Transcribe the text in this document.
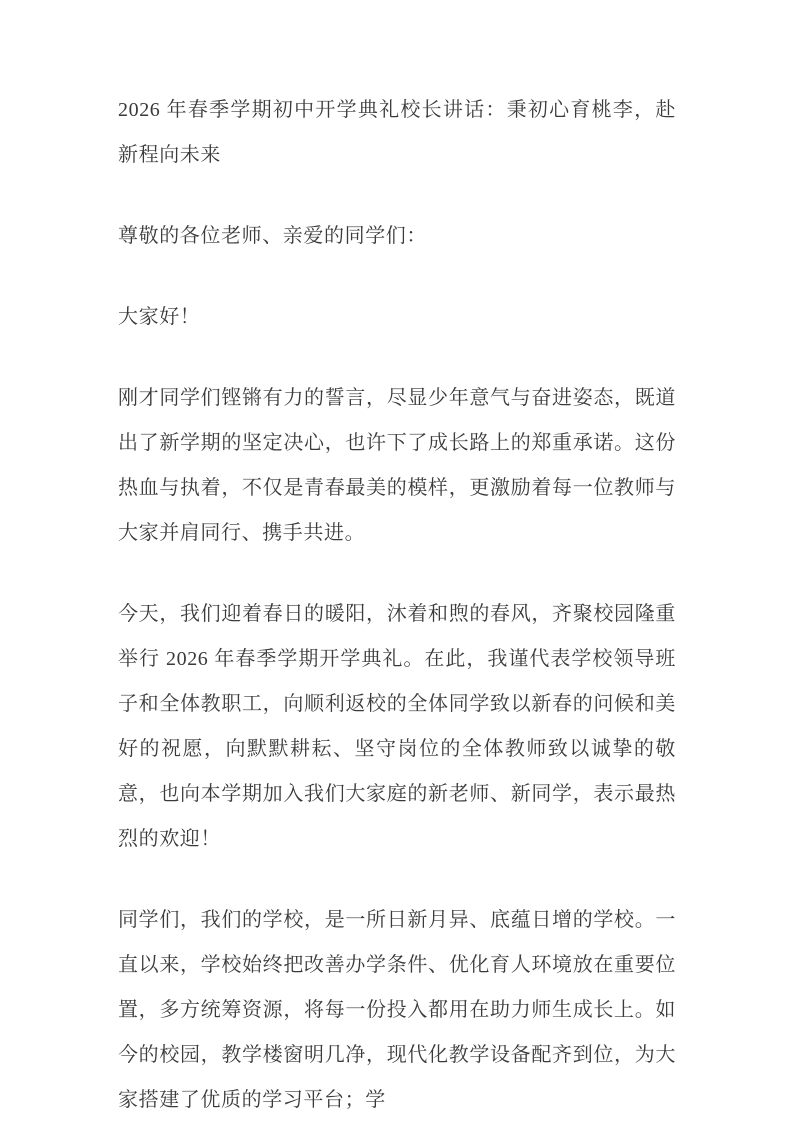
2026 年春季学期初中开学典礼校长讲话：秉初心育桃李，赴新程向未来

尊敬的各位老师、亲爱的同学们：

大家好！

刚才同学们铿锵有力的誓言，尽显少年意气与奋进姿态，既道出了新学期的坚定决心，也许下了成长路上的郑重承诺。这份热血与执着，不仅是青春最美的模样，更激励着每一位教师与大家并肩同行、携手共进。

今天，我们迎着春日的暖阳，沐着和煦的春风，齐聚校园隆重举行 2026 年春季学期开学典礼。在此，我谨代表学校领导班子和全体教职工，向顺利返校的全体同学致以新春的问候和美好的祝愿，向默默耕耘、坚守岗位的全体教师致以诚挚的敬意，也向本学期加入我们大家庭的新老师、新同学，表示最热烈的欢迎！

同学们，我们的学校，是一所日新月异、底蕴日增的学校。一直以来，学校始终把改善办学条件、优化育人环境放在重要位置，多方统筹资源，将每一份投入都用在助力师生成长上。如今的校园，教学楼窗明几净，现代化教学设备配齐到位，为大家搭建了优质的学习平台；学
